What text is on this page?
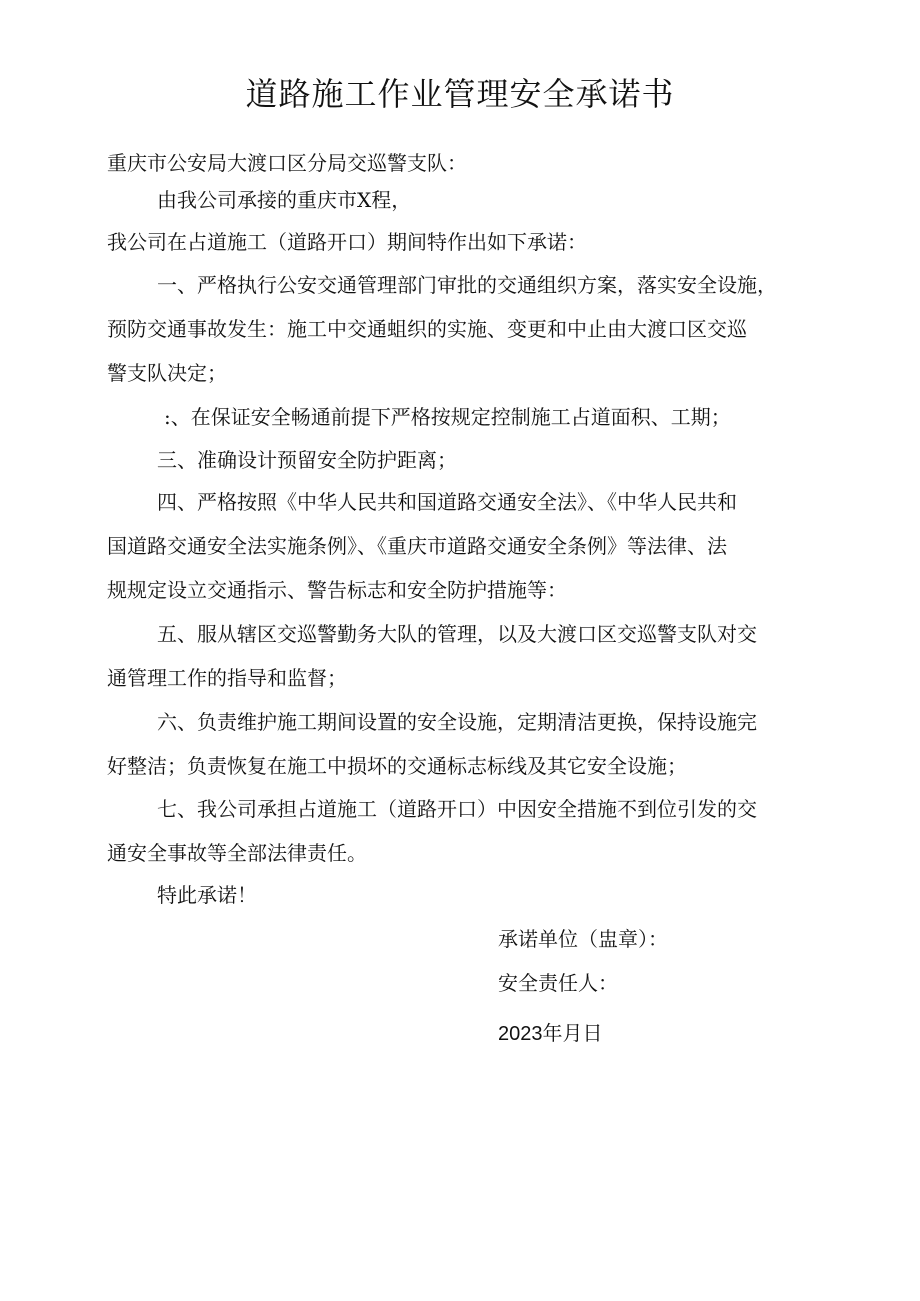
道路施工作业管理安全承诺书
重庆市公安局大渡口区分局交巡警支队：
由我公司承接的重庆市X程，
我公司在占道施工（道路开口）期间特作出如下承诺：
一、严格执行公安交通管理部门审批的交通组织方案，落实安全设施，
预防交通事故发生：施工中交通蛆织的实施、变更和中止由大渡口区交巡
警支队决定；
:、在保证安全畅通前提下严格按规定控制施工占道面积、工期；
三、准确设计预留安全防护距离；
四、严格按照《中华人民共和国道路交通安全法》、《中华人民共和
国道路交通安全法实施条例》、《重庆市道路交通安全条例》等法律、法
规规定设立交通指示、警告标志和安全防护措施等：
五、服从辖区交巡警勤务大队的管理，以及大渡口区交巡警支队对交
通管理工作的指导和监督；
六、负责维护施工期间设置的安全设施，定期清洁更换，保持设施完
好整洁；负责恢复在施工中损坏的交通标志标线及其它安全设施；
七、我公司承担占道施工（道路开口）中因安全措施不到位引发的交
通安全事故等全部法律责任。
特此承诺！
承诺单位（盅章）：
安全责任人：
2023年月日
